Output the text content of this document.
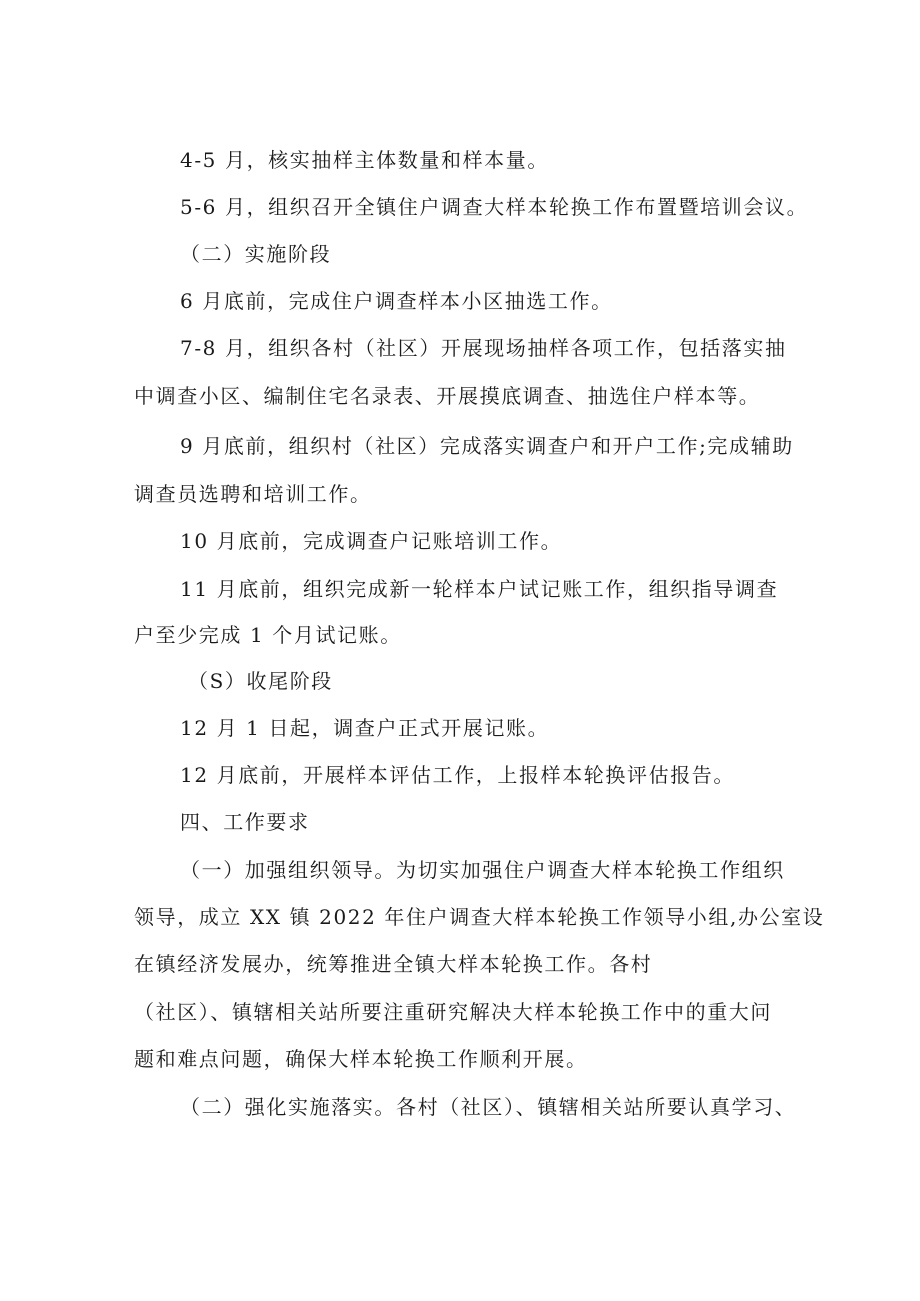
4-5 月，核实抽样主体数量和样本量。
5-6 月，组织召开全镇住户调查大样本轮换工作布置暨培训会议。
（二）实施阶段
6 月底前，完成住户调查样本小区抽选工作。
7-8 月，组织各村（社区）开展现场抽样各项工作，包括落实抽
中调查小区、编制住宅名录表、开展摸底调查、抽选住户样本等。
9 月底前，组织村（社区）完成落实调查户和开户工作;完成辅助
调查员选聘和培训工作。
10 月底前，完成调查户记账培训工作。
11 月底前，组织完成新一轮样本户试记账工作，组织指导调查
户至少完成 1 个月试记账。
（S）收尾阶段
12 月 1 日起，调查户正式开展记账。
12 月底前，开展样本评估工作，上报样本轮换评估报告。
四、工作要求
（一）加强组织领导。为切实加强住户调查大样本轮换工作组织
领导，成立 XX 镇 2022 年住户调查大样本轮换工作领导小组,办公室设
在镇经济发展办，统筹推进全镇大样本轮换工作。各村
（社区）、镇辖相关站所要注重研究解决大样本轮换工作中的重大问
题和难点问题，确保大样本轮换工作顺利开展。
（二）强化实施落实。各村（社区）、镇辖相关站所要认真学习、
